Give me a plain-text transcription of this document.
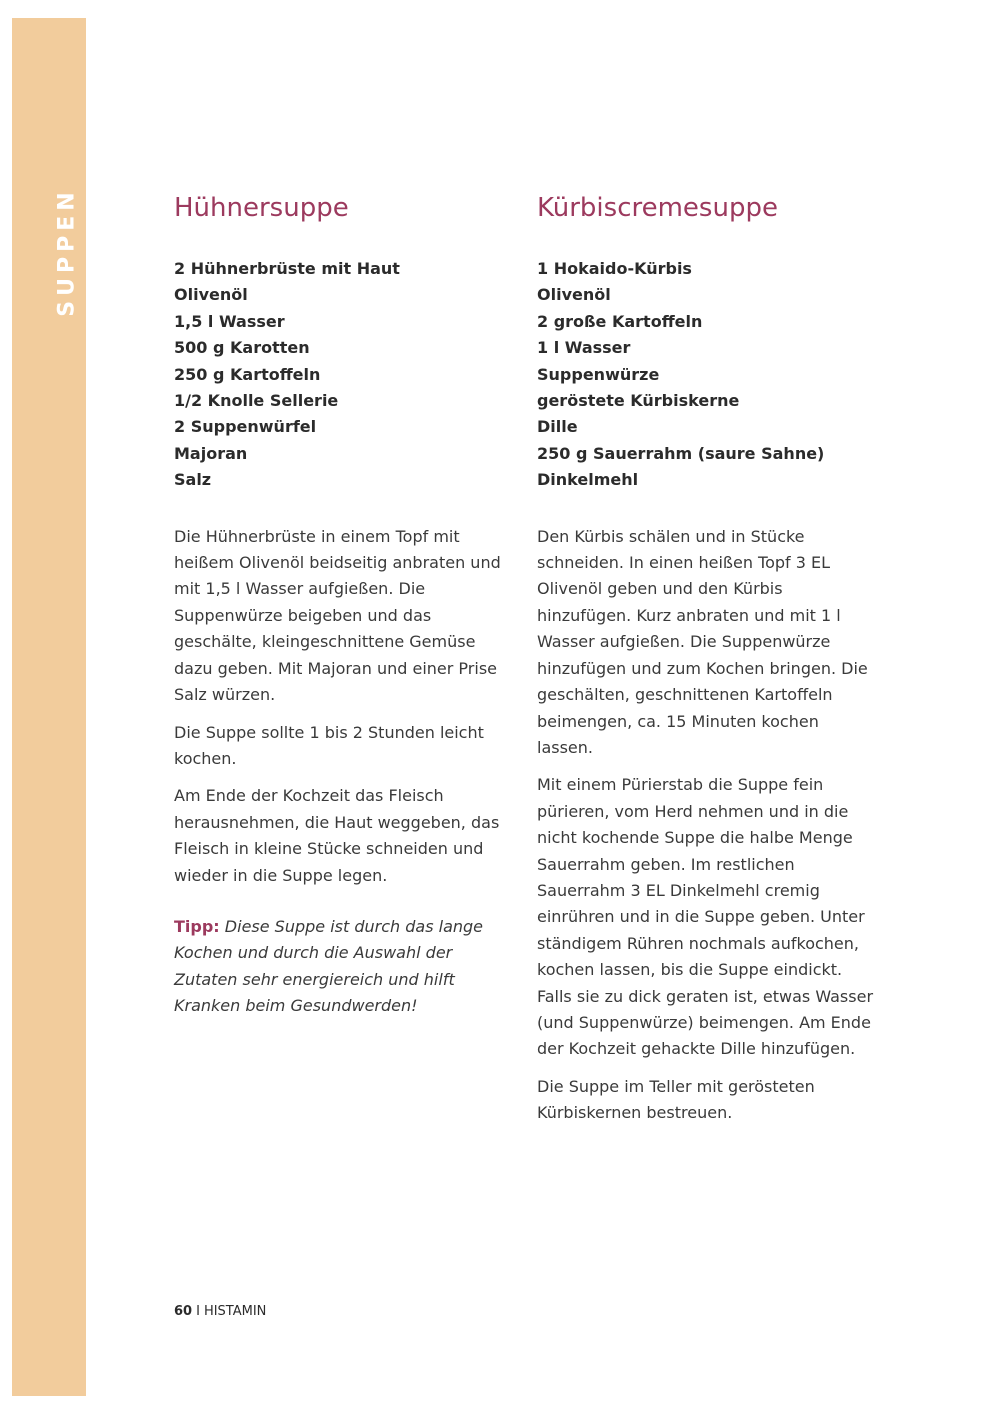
SUPPEN	Hühnersuppe
2 Hühnerbrüste mit Haut
Olivenöl
1,5 l Wasser
500 g Karotten
250 g Kartoffeln
1/2 Knolle Sellerie
2 Suppenwürfel
Majoran
Salz

Die Hühnerbrüste in einem Topf mit heißem Olivenöl beidseitig anbraten und mit 1,5 l Wasser aufgießen. Die Suppenwürze beigeben und das geschälte, kleingeschnittene Gemüse dazu geben. Mit Majoran und einer Prise Salz würzen.

Die Suppe sollte 1 bis 2 Stunden leicht kochen.

Am Ende der Kochzeit das Fleisch herausnehmen, die Haut weggeben, das Fleisch in kleine Stücke schneiden und wieder in die Suppe legen.

Tipp: Diese Suppe ist durch das lange Kochen und durch die Auswahl der Zutaten sehr energiereich und hilft Kranken beim Gesundwerden!

Kürbiscremesuppe
1 Hokaido-Kürbis
Olivenöl
2 große Kartoffeln
1 l Wasser
Suppenwürze
geröstete Kürbiskerne
Dille
250 g Sauerrahm (saure Sahne)
Dinkelmehl

Den Kürbis schälen und in Stücke schneiden. In einen heißen Topf 3 EL Olivenöl geben und den Kürbis hinzufügen. Kurz anbraten und mit 1 l Wasser aufgießen. Die Suppenwürze hinzufügen und zum Kochen bringen. Die geschälten, geschnittenen Kartoffeln beimengen, ca. 15 Minuten kochen lassen.

Mit einem Pürierstab die Suppe fein pürieren, vom Herd nehmen und in die nicht kochende Suppe die halbe Menge Sauerrahm geben. Im restlichen Sauerrahm 3 EL Dinkelmehl cremig einrühren und in die Suppe geben. Unter ständigem Rühren nochmals aufkochen, kochen lassen, bis die Suppe eindickt. Falls sie zu dick geraten ist, etwas Wasser (und Suppenwürze) beimengen. Am Ende der Kochzeit gehackte Dille hinzufügen.

Die Suppe im Teller mit gerösteten Kürbiskernen bestreuen.

60 I HISTAMIN
